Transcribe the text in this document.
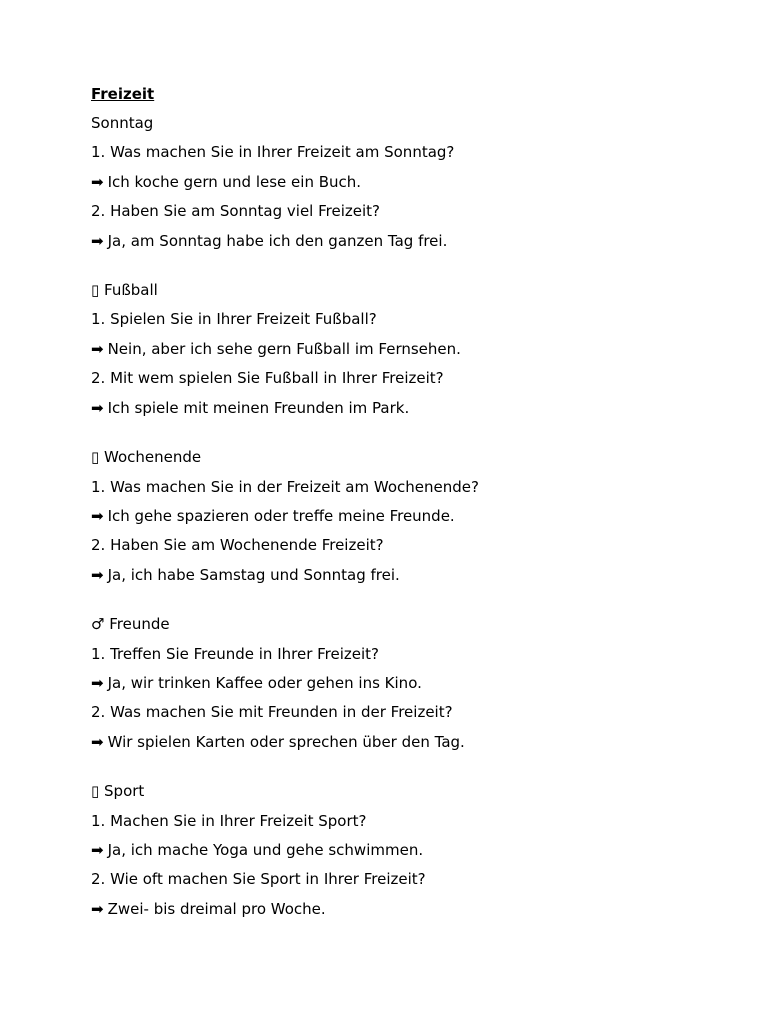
Freizeit
Sonntag
1. Was machen Sie in Ihrer Freizeit am Sonntag?
➡ Ich koche gern und lese ein Buch.
2. Haben Sie am Sonntag viel Freizeit?
➡ Ja, am Sonntag habe ich den ganzen Tag frei.
▯ Fußball
1. Spielen Sie in Ihrer Freizeit Fußball?
➡ Nein, aber ich sehe gern Fußball im Fernsehen.
2. Mit wem spielen Sie Fußball in Ihrer Freizeit?
➡ Ich spiele mit meinen Freunden im Park.
▯ Wochenende
1. Was machen Sie in der Freizeit am Wochenende?
➡ Ich gehe spazieren oder treffe meine Freunde.
2. Haben Sie am Wochenende Freizeit?
➡ Ja, ich habe Samstag und Sonntag frei.
♂ Freunde
1. Treffen Sie Freunde in Ihrer Freizeit?
➡ Ja, wir trinken Kaffee oder gehen ins Kino.
2. Was machen Sie mit Freunden in der Freizeit?
➡ Wir spielen Karten oder sprechen über den Tag.
▯ Sport
1. Machen Sie in Ihrer Freizeit Sport?
➡ Ja, ich mache Yoga und gehe schwimmen.
2. Wie oft machen Sie Sport in Ihrer Freizeit?
➡ Zwei- bis dreimal pro Woche.
